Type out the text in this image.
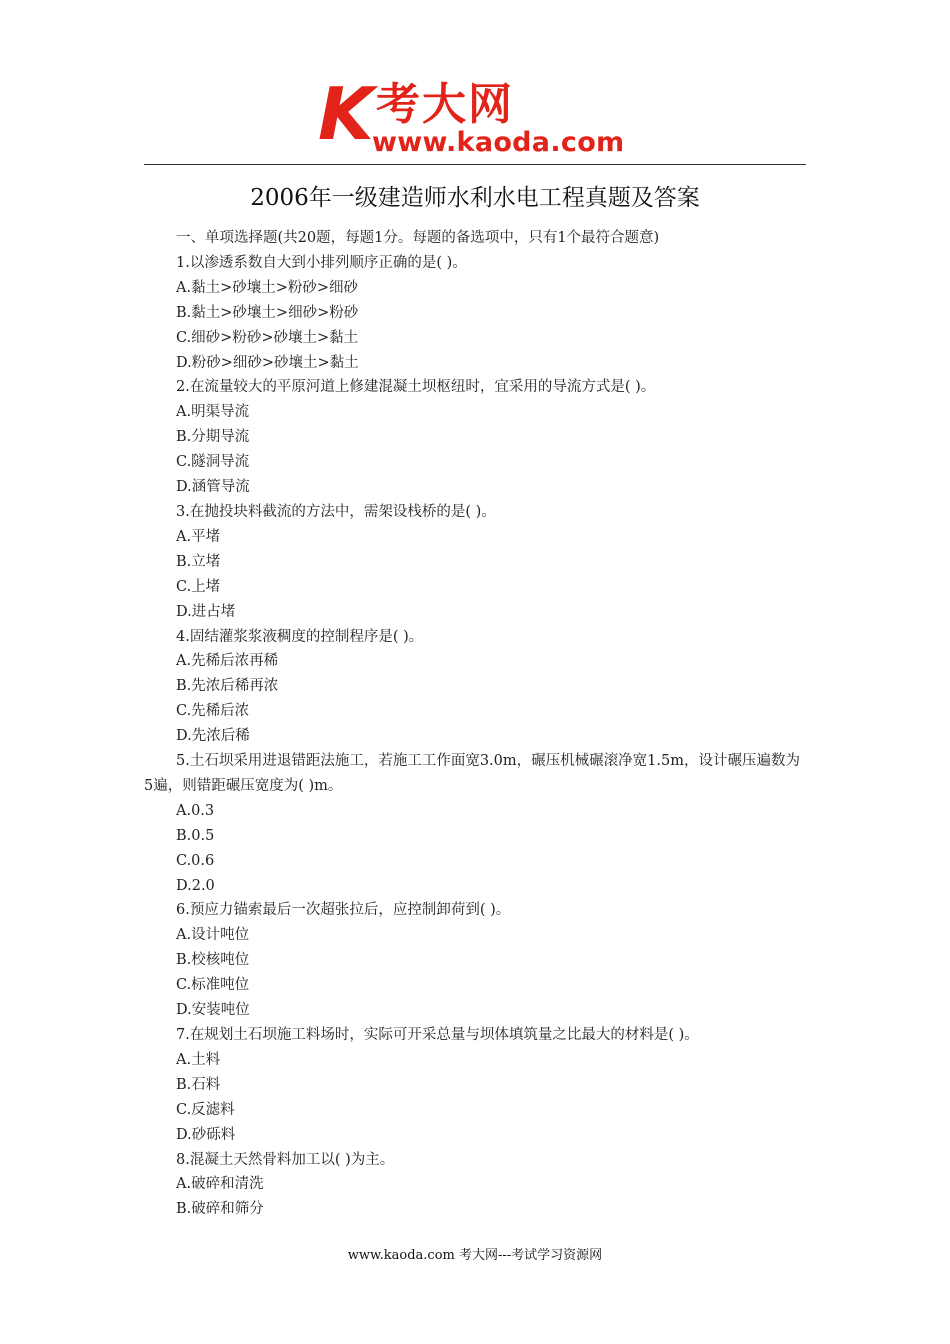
K 考大网
www.kaoda.com
2006年一级建造师水利水电工程真题及答案
一、单项选择题(共20题，每题1分。每题的备选项中，只有1个最符合题意)
1.以渗透系数自大到小排列顺序正确的是( )。
A.黏土>砂壤土>粉砂>细砂
B.黏土>砂壤土>细砂>粉砂
C.细砂>粉砂>砂壤土>黏土
D.粉砂>细砂>砂壤土>黏土
2.在流量较大的平原河道上修建混凝土坝枢纽时，宜采用的导流方式是( )。
A.明渠导流
B.分期导流
C.隧洞导流
D.涵管导流
3.在抛投块料截流的方法中，需架设栈桥的是( )。
A.平堵
B.立堵
C.上堵
D.进占堵
4.固结灌浆浆液稠度的控制程序是( )。
A.先稀后浓再稀
B.先浓后稀再浓
C.先稀后浓
D.先浓后稀
5.土石坝采用进退错距法施工，若施工工作面宽3.0m，碾压机械碾滚净宽1.5m，设计碾压遍数为5遍，则错距碾压宽度为( )m。
A.0.3
B.0.5
C.0.6
D.2.0
6.预应力锚索最后一次超张拉后，应控制卸荷到( )。
A.设计吨位
B.校核吨位
C.标准吨位
D.安装吨位
7.在规划土石坝施工料场时，实际可开采总量与坝体填筑量之比最大的材料是( )。
A.土料
B.石料
C.反滤料
D.砂砾料
8.混凝土天然骨料加工以( )为主。
A.破碎和清洗
B.破碎和筛分
www.kaoda.com 考大网---考试学习资源网
